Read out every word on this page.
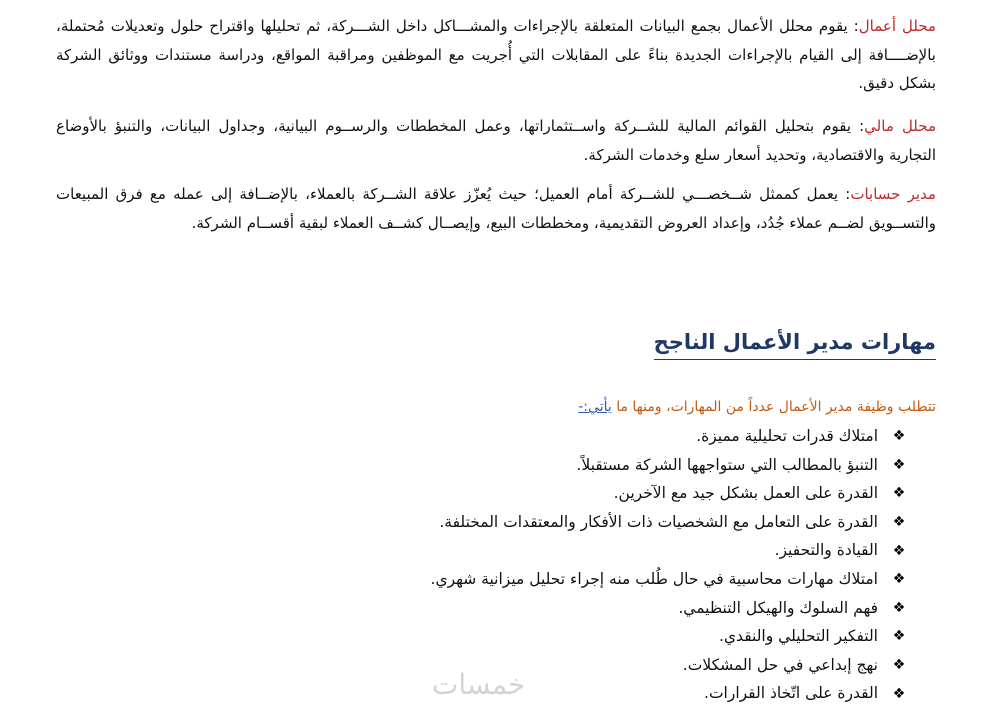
محلل أعمال: يقوم محلل الأعمال بجمع البيانات المتعلقة بالإجراءات والمشـــاكل داخل الشـــركة، ثم تحليلها واقتراح حلول وتعديلات مُحتملة، بالإضــــافة إلى القيام بالإجراءات الجديدة بناءً على المقابلات التي أُجريت مع الموظفين ومراقبة المواقع، ودراسة مستندات ووثائق الشركة بشكل دقيق.

محلل مالي: يقوم بتحليل القوائم المالية للشــركة واســتثماراتها، وعمل المخططات والرســوم البيانية، وجداول البيانات، والتنبؤ بالأوضاع التجارية والاقتصادية، وتحديد أسعار سلع وخدمات الشركة.

مدير حسابات: يعمل كممثل شــخصـــي للشــركة أمام العميل؛ حيث يُعزّز علاقة الشــركة بالعملاء، بالإضــافة إلى عمله مع فرق المبيعات والتســويق لضــم عملاء جُدُد، وإعداد العروض التقديمية، ومخططات البيع، وإيصــال كشــف العملاء لبقية أقســام الشركة.

مهارات مدير الأعمال الناجح

تتطلب وظيفة مدير الأعمال عدداً من المهارات، ومنها ما يأتي:-

❖
امتلاك قدرات تحليلية مميزة.
❖
التنبؤ بالمطالب التي ستواجهها الشركة مستقبلاً.
❖
القدرة على العمل بشكل جيد مع الآخرين.
❖
القدرة على التعامل مع الشخصيات ذات الأفكار والمعتقدات المختلفة.
❖
القيادة والتحفيز.
❖
امتلاك مهارات محاسبية في حال طُلب منه إجراء تحليل ميزانية شهري.
❖
فهم السلوك والهيكل التنظيمي.
❖
التفكير التحليلي والنقدي.
❖
نهج إبداعي في حل المشكلات.
❖
القدرة على اتّخاذ القرارات.
خمسات
